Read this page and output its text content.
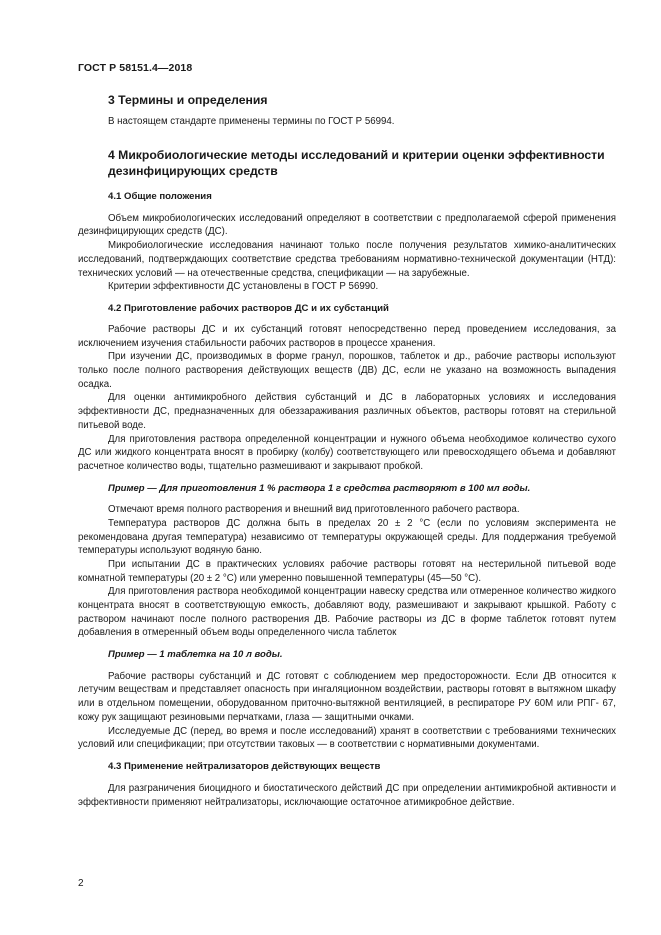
ГОСТ Р 58151.4—2018
3 Термины и определения

В настоящем стандарте применены термины по ГОСТ Р 56994.

4 Микробиологические методы исследований и критерии оценки эффективности дезинфицирующих средств
4.1 Общие положения

Объем микробиологических исследований определяют в соответствии с предполагаемой сферой применения дезинфицирующих средств (ДС).

Микробиологические исследования начинают только после получения результатов химико-аналитических исследований, подтверждающих соответствие средства требованиям нормативно-технической документации (НТД): технических условий — на отечественные средства, спецификации — на зарубежные.

Критерии эффективности ДС установлены в ГОСТ Р 56990.

4.2 Приготовление рабочих растворов ДС и их субстанций

Рабочие растворы ДС и их субстанций готовят непосредственно перед проведением исследования, за исключением изучения стабильности рабочих растворов в процессе хранения.

При изучении ДС, производимых в форме гранул, порошков, таблеток и др., рабочие растворы используют только после полного растворения действующих веществ (ДВ) ДС, если не указано на возможность выпадения осадка.

Для оценки антимикробного действия субстанций и ДС в лабораторных условиях и исследования эффективности ДС, предназначенных для обеззараживания различных объектов, растворы готовят на стерильной питьевой воде.

Для приготовления раствора определенной концентрации и нужного объема необходимое количество сухого ДС или жидкого концентрата вносят в пробирку (колбу) соответствующего или превосходящего объема и добавляют расчетное количество воды, тщательно размешивают и закрывают пробкой.

Пример — Для приготовления 1 % раствора 1 г средства растворяют в 100 мл воды.

Отмечают время полного растворения и внешний вид приготовленного рабочего раствора.

Температура растворов ДС должна быть в пределах 20 ± 2 °С (если по условиям эксперимента не рекомендована другая температура) независимо от температуры окружающей среды. Для поддержания требуемой температуры используют водяную баню.

При испытании ДС в практических условиях рабочие растворы готовят на нестерильной питьевой воде комнатной температуры (20 ± 2 °С) или умеренно повышенной температуры (45—50 °С).

Для приготовления раствора необходимой концентрации навеску средства или отмеренное количество жидкого концентрата вносят в соответствующую емкость, добавляют воду, размешивают и закрывают крышкой. Работу с раствором начинают после полного растворения ДВ. Рабочие растворы из ДС в форме таблеток готовят путем добавления в отмеренный объем воды определенного числа таблеток

Пример — 1 таблетка на 10 л воды.

Рабочие растворы субстанций и ДС готовят с соблюдением мер предосторожности. Если ДВ относится к летучим веществам и представляет опасность при ингаляционном воздействии, растворы готовят в вытяжном шкафу или в отдельном помещении, оборудованном приточно-вытяжной вентиляцией, в респираторе РУ 60М или РПГ- 67, кожу рук защищают резиновыми перчатками, глаза — защитными очками.

Исследуемые ДС (перед, во время и после исследований) хранят в соответствии с требованиями технических условий или спецификации; при отсутствии таковых — в соответствии с нормативными документами.

4.3 Применение нейтрализаторов действующих веществ

Для разграничения биоцидного и биостатического действий ДС при определении антимикробной активности и эффективности применяют нейтрализаторы, исключающие остаточное атимикробное действие.

2
